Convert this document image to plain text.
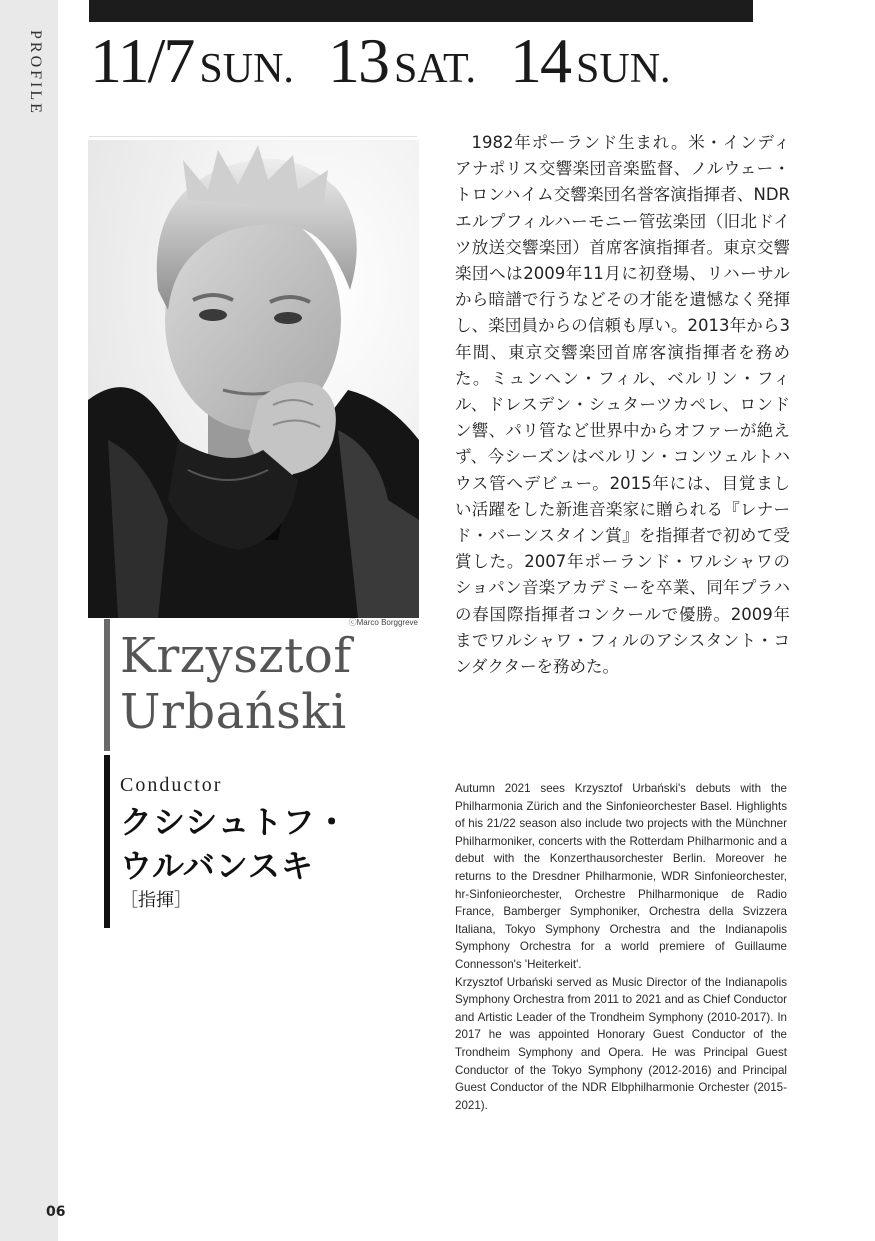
PROFILE
06
11/7 SUN. 13 SAT. 14 SUN.
ⓒMarco Borggreve
Krzysztof
Urbański
Conductor
クシシュトフ・
ウルバンスキ
［指揮］

1982年ポーランド生まれ。米・インディアナポリス交響楽団音楽監督、ノルウェー・トロンハイム交響楽団名誉客演指揮者、NDRエルプフィルハーモニー管弦楽団（旧北ドイツ放送交響楽団）首席客演指揮者。東京交響楽団へは2009年11月に初登場、リハーサルから暗譜で行うなどその才能を遺憾なく発揮し、楽団員からの信頼も厚い。2013年から3年間、東京交響楽団首席客演指揮者を務めた。ミュンヘン・フィル、ベルリン・フィル、ドレスデン・シュターツカペレ、ロンドン響、パリ管など世界中からオファーが絶えず、今シーズンはベルリン・コンツェルトハウス管へデビュー。2015年には、目覚ましい活躍をした新進音楽家に贈られる『レナード・バーンスタイン賞』を指揮者で初めて受賞した。2007年ポーランド・ワルシャワのショパン音楽アカデミーを卒業、同年プラハの春国際指揮者コンクールで優勝。2009年までワルシャワ・フィルのアシスタント・コンダクターを務めた。

Autumn 2021 sees Krzysztof Urbański's debuts with the Philharmonia Zürich and the Sinfonieorchester Basel. Highlights of his 21/22 season also include two projects with the Münchner Philharmoniker, concerts with the Rotterdam Philharmonic and a debut with the Konzerthausorchester Berlin. Moreover he returns to the Dresdner Philharmonie, WDR Sinfonieorchester, hr-Sinfonieorchester, Orchestre Philharmonique de Radio France, Bamberger Symphoniker, Orchestra della Svizzera Italiana, Tokyo Symphony Orchestra and the Indianapolis Symphony Orchestra for a world premiere of Guillaume Connesson's 'Heiterkeit'.

Krzysztof Urbański served as Music Director of the Indianapolis Symphony Orchestra from 2011 to 2021 and as Chief Conductor and Artistic Leader of the Trondheim Symphony (2010-2017). In 2017 he was appointed Honorary Guest Conductor of the Trondheim Symphony and Opera. He was Principal Guest Conductor of the Tokyo Symphony (2012-2016) and Principal Guest Conductor of the NDR Elbphilharmonie Orchester (2015-2021).
